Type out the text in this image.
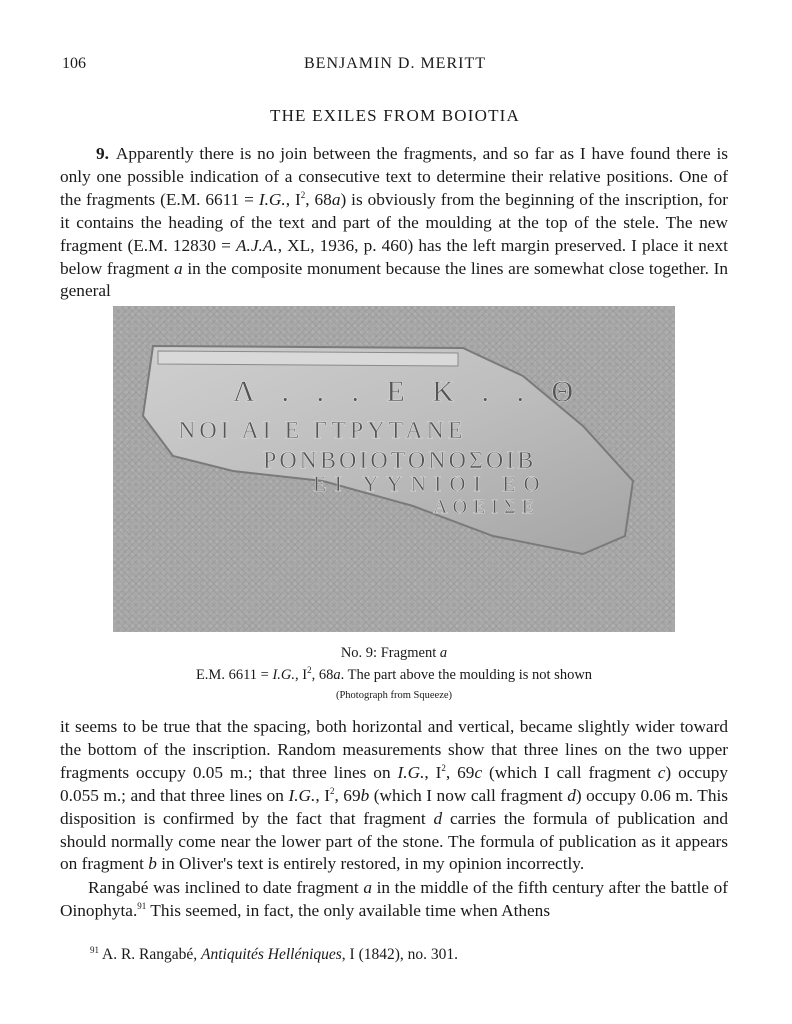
106	BENJAMIN D. MERITT
THE EXILES FROM BOIOTIA

9. Apparently there is no join between the fragments, and so far as I have found there is only one possible indication of a consecutive text to determine their relative positions. One of the fragments (E.M. 6611 = I.G., $I^2$, 68a) is obviously from the beginning of the inscription, for it contains the heading of the text and part of the moulding at the top of the stele. The new fragment (E.M. 12830 = A.J.A., XL, 1936, p. 460) has the left margin preserved. I place it next below fragment a in the composite monument because the lines are somewhat close together. In general

Λ . . . Ε Κ . . Θ
ΝΟΙ ΑΙ Ε ΓΤΡΥΤΑΝΕ
ΡΟΝΒΟΙΟΤΟΝΟΣΟΙΒ
ΕΙ ΥΥΝΙΟΙ ΕΟ
ΑΟΕΙΣΕ
No. 9: Fragment a
E.M. 6611 = I.G., $I^2$, 68a. The part above the moulding is not shown
(Photograph from Squeeze)

it seems to be true that the spacing, both horizontal and vertical, became slightly wider toward the bottom of the inscription. Random measurements show that three lines on the two upper fragments occupy 0.05 m.; that three lines on I.G., $I^2$, 69c (which I call fragment c) occupy 0.055 m.; and that three lines on I.G., $I^2$, 69b (which I now call fragment d) occupy 0.06 m. This disposition is confirmed by the fact that fragment d carries the formula of publication and should normally come near the lower part of the stone. The formula of publication as it appears on fragment b in Oliver's text is entirely restored, in my opinion incorrectly.

Rangabé was inclined to date fragment a in the middle of the fifth century after the battle of Oinophyta.$^{91}$ This seemed, in fact, the only available time when Athens

$^{91}$ A. R. Rangabé, Antiquités Helléniques, I (1842), no. 301.
